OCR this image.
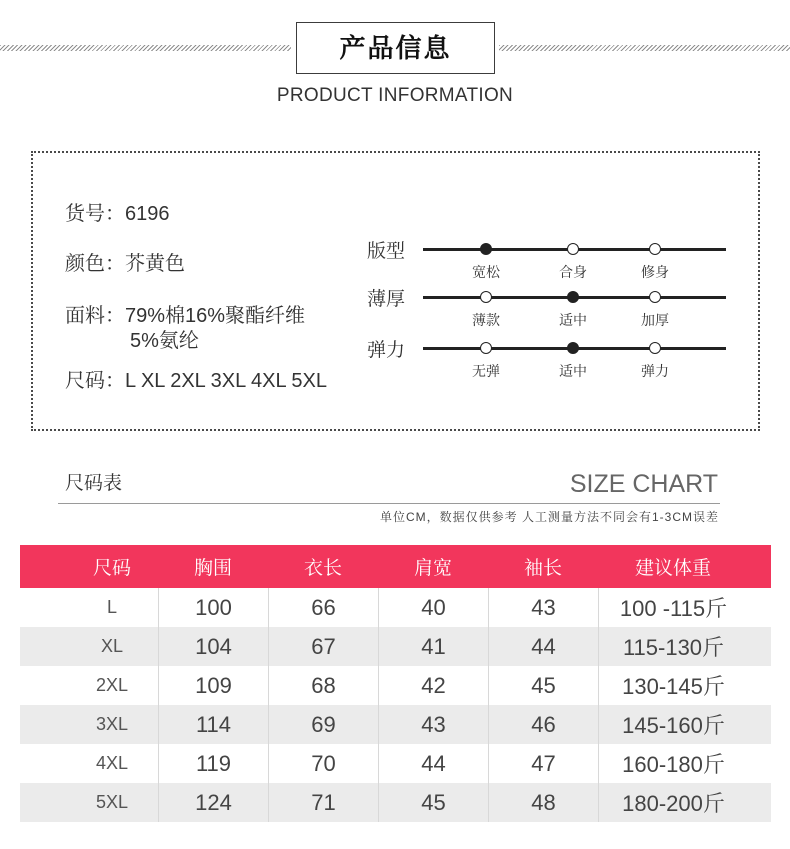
产品信息
PRODUCT INFORMATION
货号：6196
颜色：芥黄色
面料：79%棉16%聚酯纤维
5%氨纶
尺码：L XL 2XL 3XL 4XL 5XL
版型
宽松	合身	修身
薄厚
薄款	适中	加厚
弹力
无弹	适中	弹力
尺码表	SIZE CHART
单位CM，数据仅供参考 人工测量方法不同会有1-3CM误差
尺码	胸围	衣长	肩宽	袖长	建议体重
L	100	66	40	43	100 -115斤
XL	104	67	41	44	115-130斤
2XL	109	68	42	45	130-145斤
3XL	114	69	43	46	145-160斤
4XL	119	70	44	47	160-180斤
5XL	124	71	45	48	180-200斤
